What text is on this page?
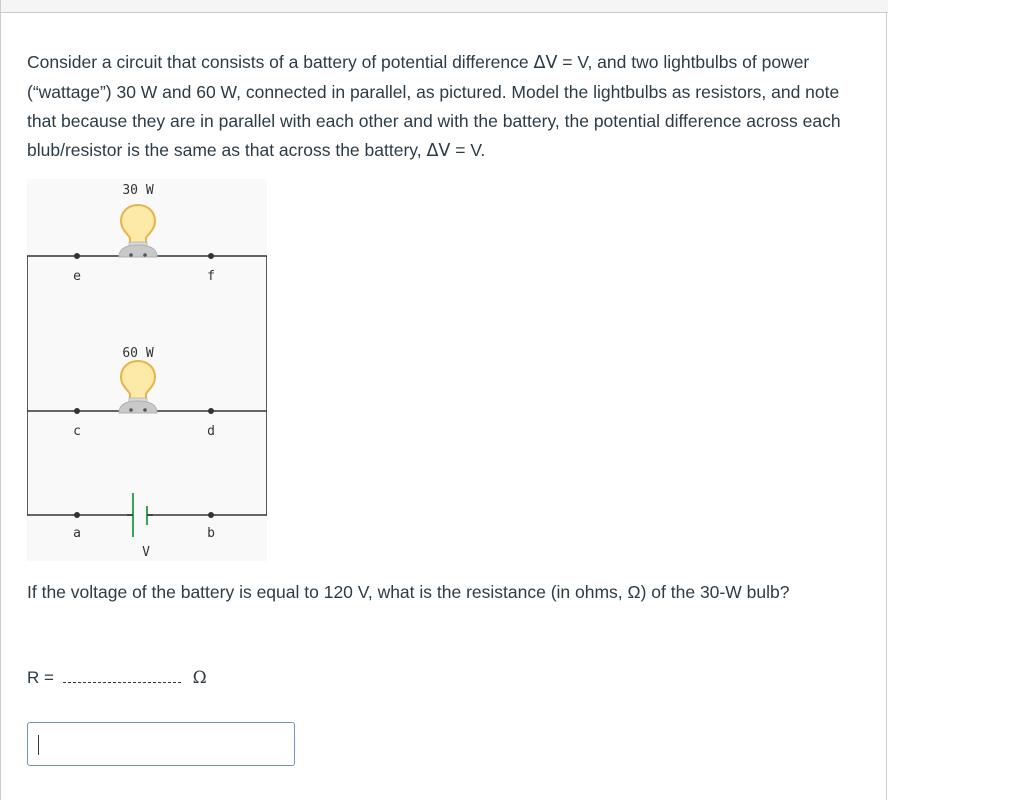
Consider a circuit that consists of a battery of potential difference ΔV = V, and two lightbulbs of power (“wattage”) 30 W and 60 W, connected in parallel, as pictured. Model the lightbulbs as resistors, and note that because they are in parallel with each other and with the battery, the potential difference across each blub/resistor is the same as that across the battery, ΔV = V.
e	f
c	d
a	b
30 W
60 W
V
If the voltage of the battery is equal to 120 V, what is the resistance (in ohms, Ω) of the 30-W bulb?
R =	Ω
